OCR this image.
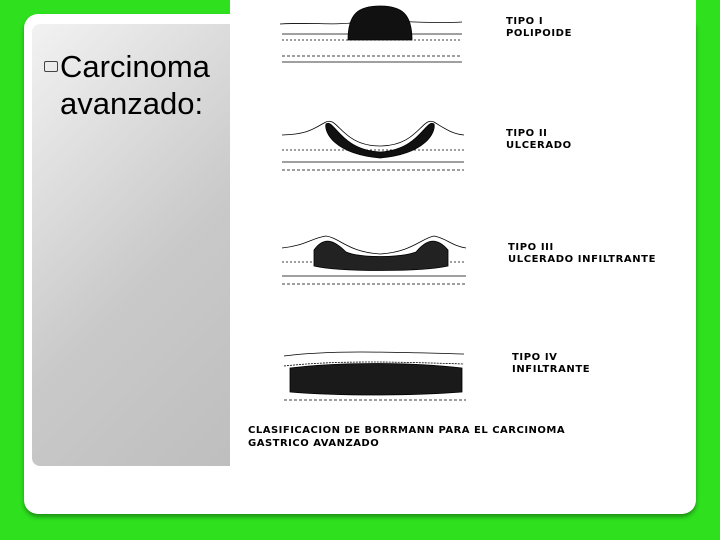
Carcinoma
avanzado:
TIPO I
POLIPOIDE
TIPO II
ULCERADO
TIPO III
ULCERADO INFILTRANTE
TIPO IV
INFILTRANTE
CLASIFICACION DE BORRMANN PARA EL CARCINOMA
GASTRICO AVANZADO
